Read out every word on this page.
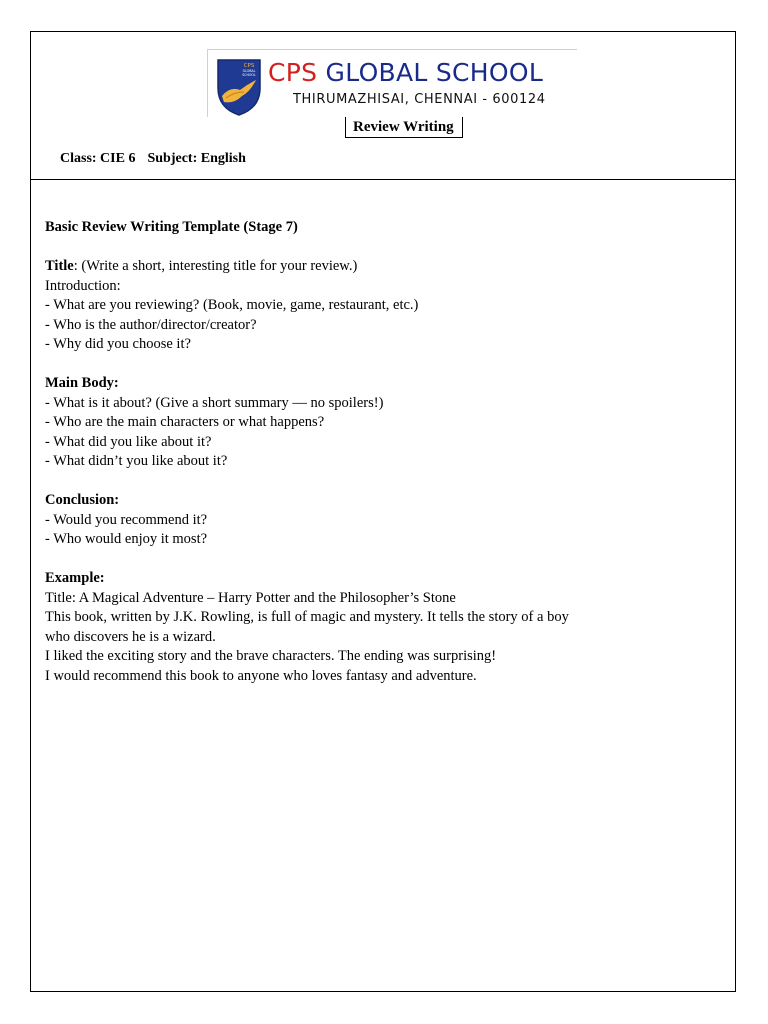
CPS
GLOBAL
SCHOOL CPS GLOBAL SCHOOL
THIRUMAZHISAI, CHENNAI - 600124
Review Writing
Class: CIE 6 Subject: English

Basic Review Writing Template (Stage 7)

Title: (Write a short, interesting title for your review.)

Introduction:

- What are you reviewing? (Book, movie, game, restaurant, etc.)

- Who is the author/director/creator?

- Why did you choose it?

Main Body:

- What is it about? (Give a short summary — no spoilers!)

- Who are the main characters or what happens?

- What did you like about it?

- What didn’t you like about it?

Conclusion:

- Would you recommend it?

- Who would enjoy it most?

Example:

Title: A Magical Adventure – Harry Potter and the Philosopher’s Stone

This book, written by J.K. Rowling, is full of magic and mystery. It tells the story of a boy

who discovers he is a wizard.

I liked the exciting story and the brave characters. The ending was surprising!

I would recommend this book to anyone who loves fantasy and adventure.
